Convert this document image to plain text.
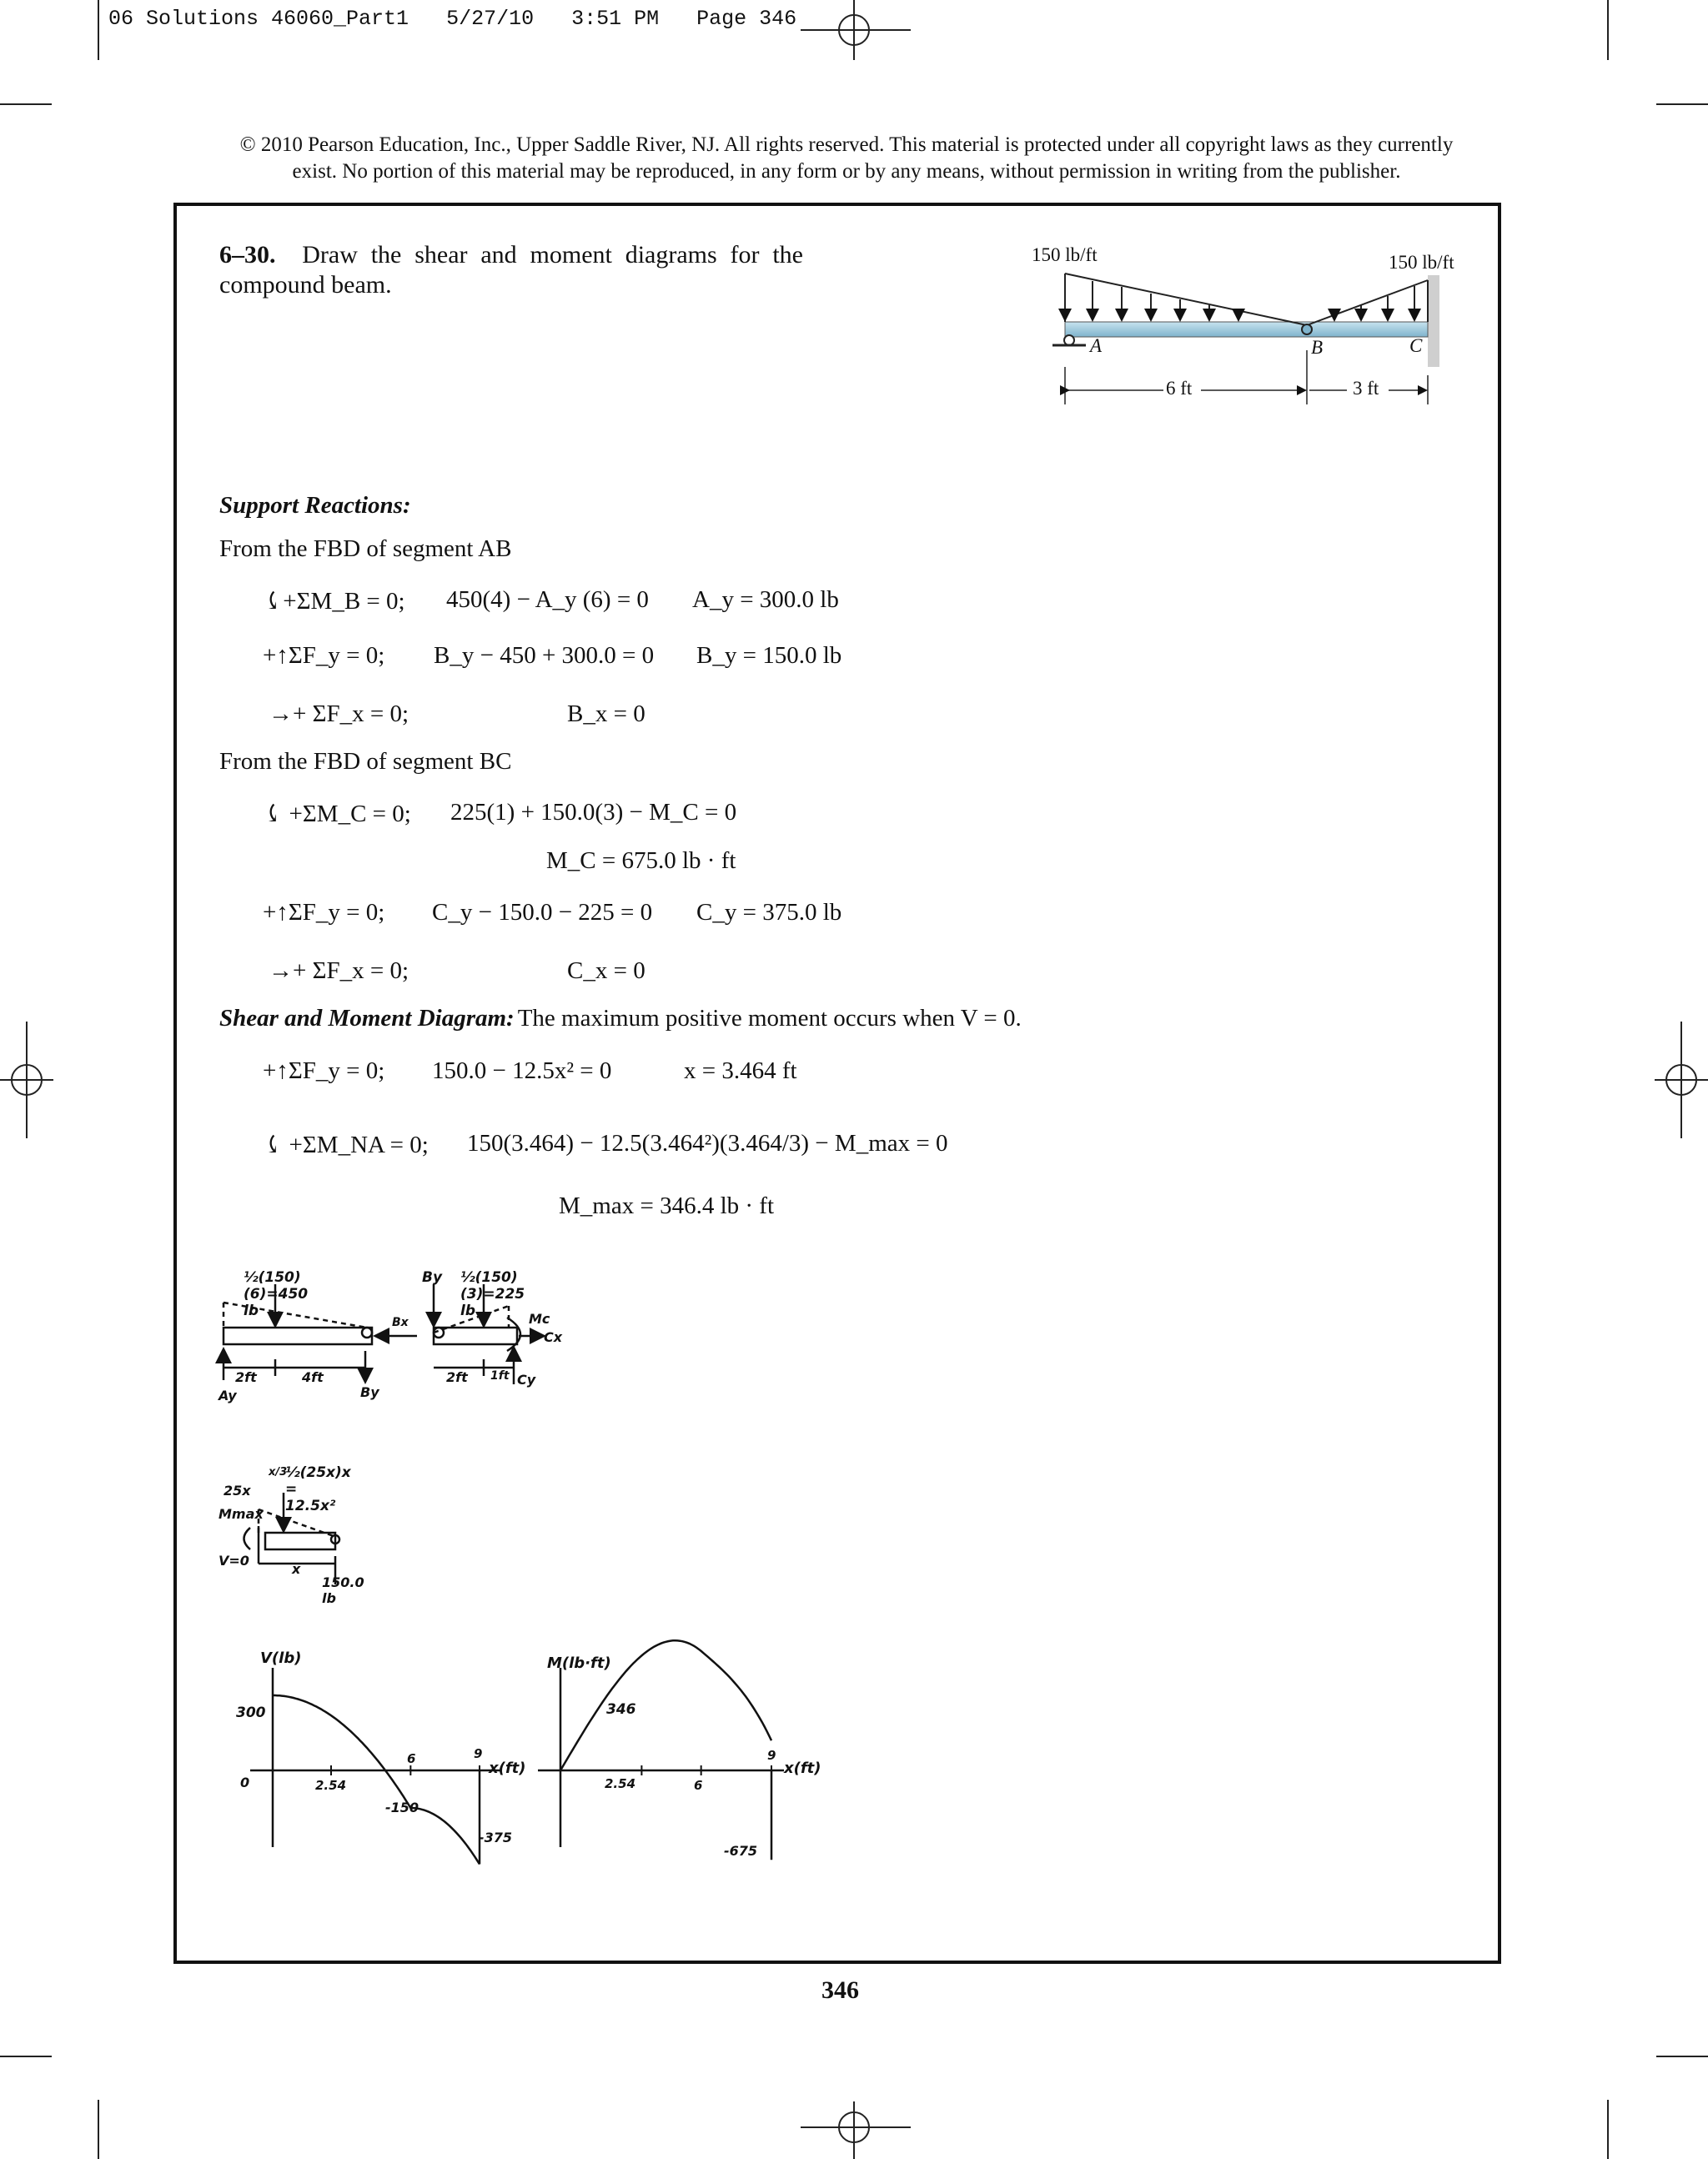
06 Solutions 46060_Part1   5/27/10   3:51 PM   Page 346
© 2010 Pearson Education, Inc., Upper Saddle River, NJ. All rights reserved. This material is protected under all copyright laws as they currently
exist. No portion of this material may be reproduced, in any form or by any means, without permission in writing from the publisher.
6–30. Draw the shear and moment diagrams for the compound beam.
150 lb/ft	150 lb/ft
A	B	C
6 ft	3 ft
Support Reactions:
From the FBD of segment AB
⤹+ΣM_B = 0; 450(4) − A_y (6) = 0 A_y = 300.0 lb
+↑ΣF_y = 0; B_y − 450 + 300.0 = 0 B_y = 150.0 lb
→+ ΣF_x = 0;	B_x = 0
From the FBD of segment BC
⤹ +ΣM_C = 0; 225(1) + 150.0(3) − M_C = 0
M_C = 675.0 lb · ft
+↑ΣF_y = 0; C_y − 150.0 − 225 = 0 C_y = 375.0 lb
→+ ΣF_x = 0;	C_x = 0
Shear and Moment Diagram: The maximum positive moment occurs when V = 0.
+↑ΣF_y = 0; 150.0 − 12.5x² = 0	x = 3.464 ft
⤹ +ΣM_NA = 0; 150(3.464) − 12.5(3.464²)(3.464/3) − M_max = 0
M_max = 346.4 lb · ft
½(150)(6)=450 lb
½(150)(3)=225 lb
By
Bx	Mc
Cx
2ft	4ft	2ft 1ft
Ay	By
Cy
½(25x)x = 12.5x²
25x
x/3
Mmax
V=0
x
150.0 lb
V(lb)
x(ft)
300
0	2.54
6	9
-150
-375
M(lb·ft)
x(ft)
346
2.54	6
9
-675
346
